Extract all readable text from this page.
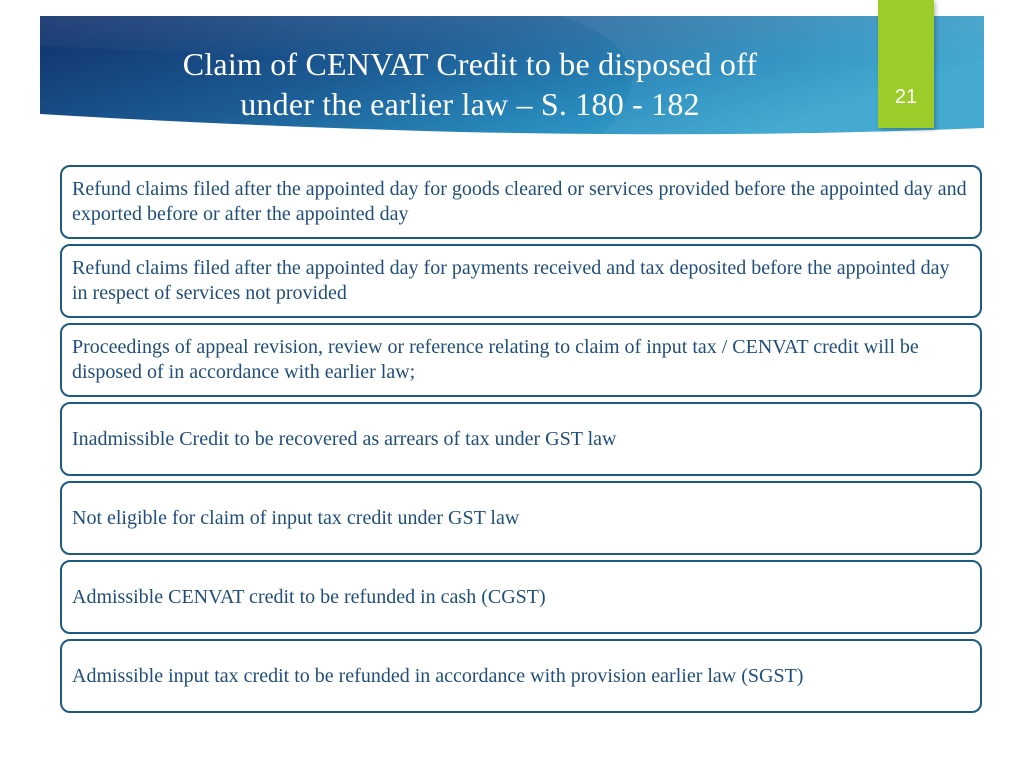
Claim of CENVAT Credit to be disposed off
under the earlier law – S. 180 - 182	21
Refund claims filed after the appointed day for goods cleared or services provided before the appointed day and exported before or after the appointed day
Refund claims filed after the appointed day for payments received and tax deposited before the appointed day in respect of services not provided
Proceedings of appeal revision, review or reference relating to claim of input tax / CENVAT credit will be disposed of in accordance with earlier law;
Inadmissible Credit to be recovered as arrears of tax under GST law
Not eligible for claim of input tax credit under GST law
Admissible CENVAT credit to be refunded in cash (CGST)
Admissible input tax credit to be refunded in accordance with provision earlier law (SGST)
